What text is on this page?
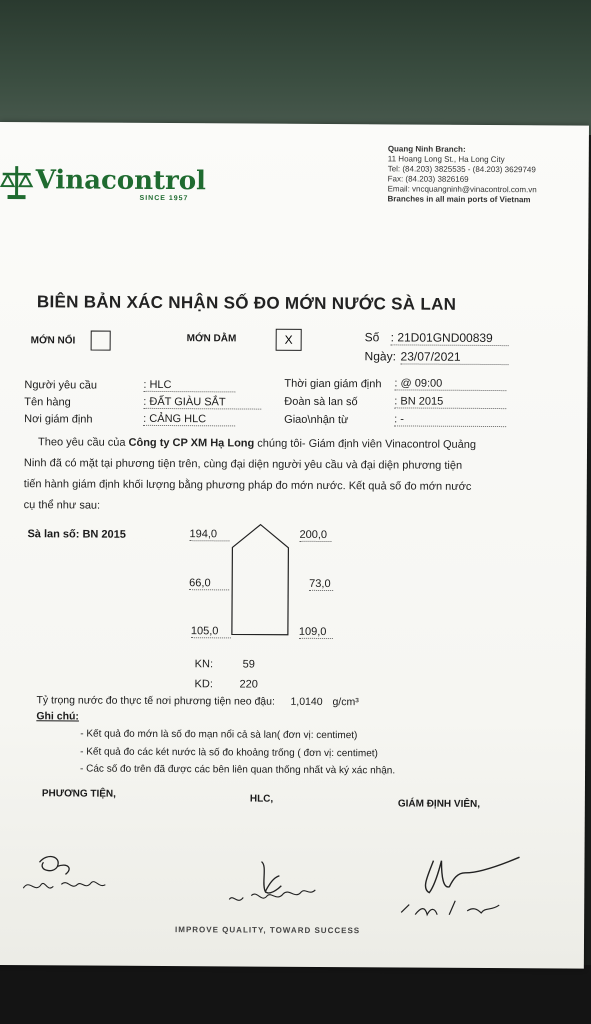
Vinacontrol
SINCE 1957
Quang Ninh Branch:
11 Hoang Long St., Ha Long City
Tel: (84.203) 3825535 - (84.203) 3629749
Fax: (84.203) 3826169
Email: vncquangninh@vinacontrol.com.vn
Branches in all main ports of Vietnam
BIÊN BẢN XÁC NHẬN SỐ ĐO MỚN NƯỚC SÀ LAN
MỚN NỔI	MỚN DẰM	X	Số : 21D01GND00839
Ngày: 23/07/2021
Người yêu cầu	: HLC
Tên hàng	: ĐẤT GIÀU SẮT
Nơi giám định	: CẢNG HLC
Thời gian giám định : @ 09:00
Đoàn sà lan số	: BN 2015
Giao\nhận từ	: -
Theo yêu cầu của Công ty CP XM Hạ Long chúng tôi- Giám định viên Vinacontrol Quảng
Ninh đã có mặt tại phương tiện trên, cùng đại diện người yêu cầu và đại diện phương tiện
tiến hành giám định khối lượng bằng phương pháp đo mớn nước. Kết quả số đo mớn nước
cụ thể như sau:
Sà lan số: BN 2015	194,0	200,0
66,0	73,0
105,0	109,0
KN:	59
KD: 220
Tỷ trọng nước đo thực tế nơi phương tiện neo đậu: 1,0140 g/cm³
Ghi chú:
- Kết quả đo mớn là số đo mạn nổi cả sà lan( đơn vị: centimet)
- Kết quả đo các két nước là số đo khoảng trống ( đơn vị: centimet)
- Các số đo trên đã được các bên liên quan thống nhất và ký xác nhận.
PHƯƠNG TIỆN,	HLC,	GIÁM ĐỊNH VIÊN,
IMPROVE QUALITY, TOWARD SUCCESS
